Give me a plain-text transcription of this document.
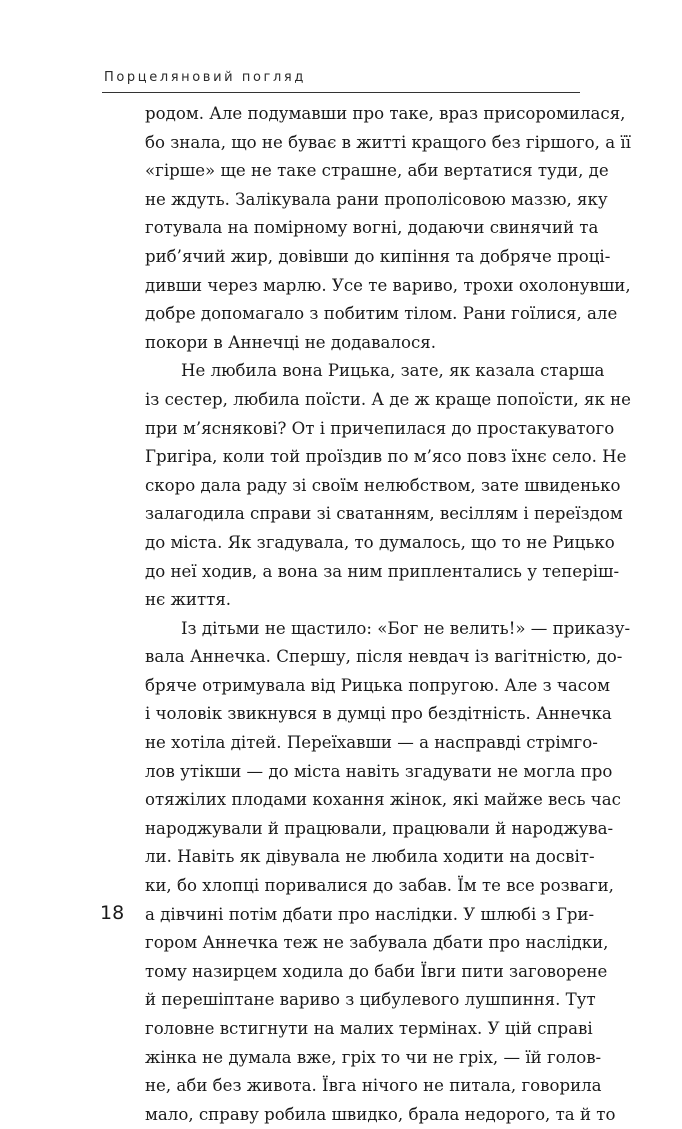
Порцеляновий погляд
родом. Але подумавши про таке, враз присоромилася,
бо знала, що не буває в житті кращого без гіршого, а її
«гірше» ще не таке страшне, аби вертатися туди, де
не ждуть. Залікувала рани прополісовою маззю, яку
готувала на помірному вогні, додаючи свинячий та
риб’ячий жир, довівши до кипіння та добряче проці-
дивши через марлю. Усе те вариво, трохи охолонувши,
добре допомагало з побитим тілом. Рани гоїлися, але
покори в Аннечці не додавалося.
Не любила вона Рицька, зате, як казала старша
із сестер, любила поїсти. А де ж краще попоїсти, як не
при м’яснякові? От і причепилася до простакуватого
Григіра, коли той проїздив по м’ясо повз їхнє село. Не
скоро дала раду зі своїм нелюбством, зате швиденько
залагодила справи зі сватанням, весіллям і переїздом
до міста. Як згадувала, то думалось, що то не Рицько
до неї ходив, а вона за ним приплентались у теперіш-
нє життя.
Із дітьми не щастило: «Бог не велить!» — приказу-
вала Аннечка. Спершу, після невдач із вагітністю, до-
бряче отримувала від Рицька попругою. Але з часом
і чоловік звикнувся в думці про бездітність. Аннечка
не хотіла дітей. Переїхавши — а насправді стрімго-
лов утікши — до міста навіть згадувати не могла про
отяжілих плодами кохання жінок, які майже весь час
народжували й працювали, працювали й народжува-
ли. Навіть як дівувала не любила ходити на досвіт-
ки, бо хлопці поривалися до забав. Їм те все розваги,
а дівчині потім дбати про наслідки. У шлюбі з Гри-
гором Аннечка теж не забувала дбати про наслідки,
тому назирцем ходила до баби Ївги пити заговорене
й перешіптане вариво з цибулевого лушпиння. Тут
головне встигнути на малих термінах. У цій справі
жінка не думала вже, гріх то чи не гріх, — їй голов-
не, аби без живота. Ївга нічого не питала, говорила
мало, справу робила швидко, брала недорого, та й то
18
